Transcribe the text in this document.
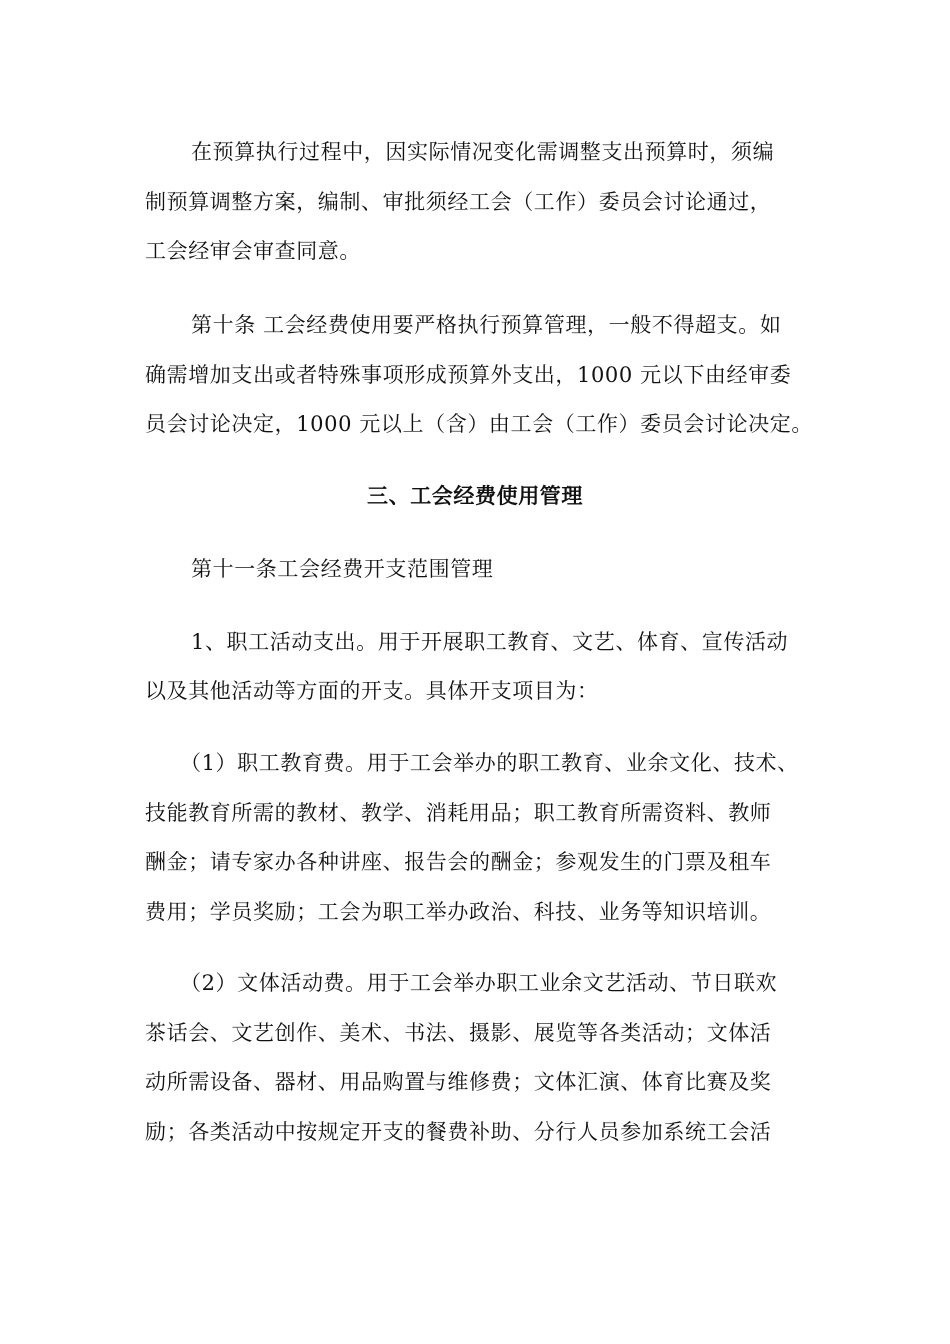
在预算执行过程中，因实际情况变化需调整支出预算时，须编
制预算调整方案，编制、审批须经工会（工作）委员会讨论通过，
工会经审会审查同意。
第十条 工会经费使用要严格执行预算管理，一般不得超支。如
确需增加支出或者特殊事项形成预算外支出，1000 元以下由经审委
员会讨论决定，1000 元以上（含）由工会（工作）委员会讨论决定。
三、工会经费使用管理
第十一条工会经费开支范围管理
1、职工活动支出。用于开展职工教育、文艺、体育、宣传活动
以及其他活动等方面的开支。具体开支项目为：
（1）职工教育费。用于工会举办的职工教育、业余文化、技术、
技能教育所需的教材、教学、消耗用品；职工教育所需资料、教师
酬金；请专家办各种讲座、报告会的酬金；参观发生的门票及租车
费用；学员奖励；工会为职工举办政治、科技、业务等知识培训。
（2）文体活动费。用于工会举办职工业余文艺活动、节日联欢
茶话会、文艺创作、美术、书法、摄影、展览等各类活动；文体活
动所需设备、器材、用品购置与维修费；文体汇演、体育比赛及奖
励；各类活动中按规定开支的餐费补助、分行人员参加系统工会活
